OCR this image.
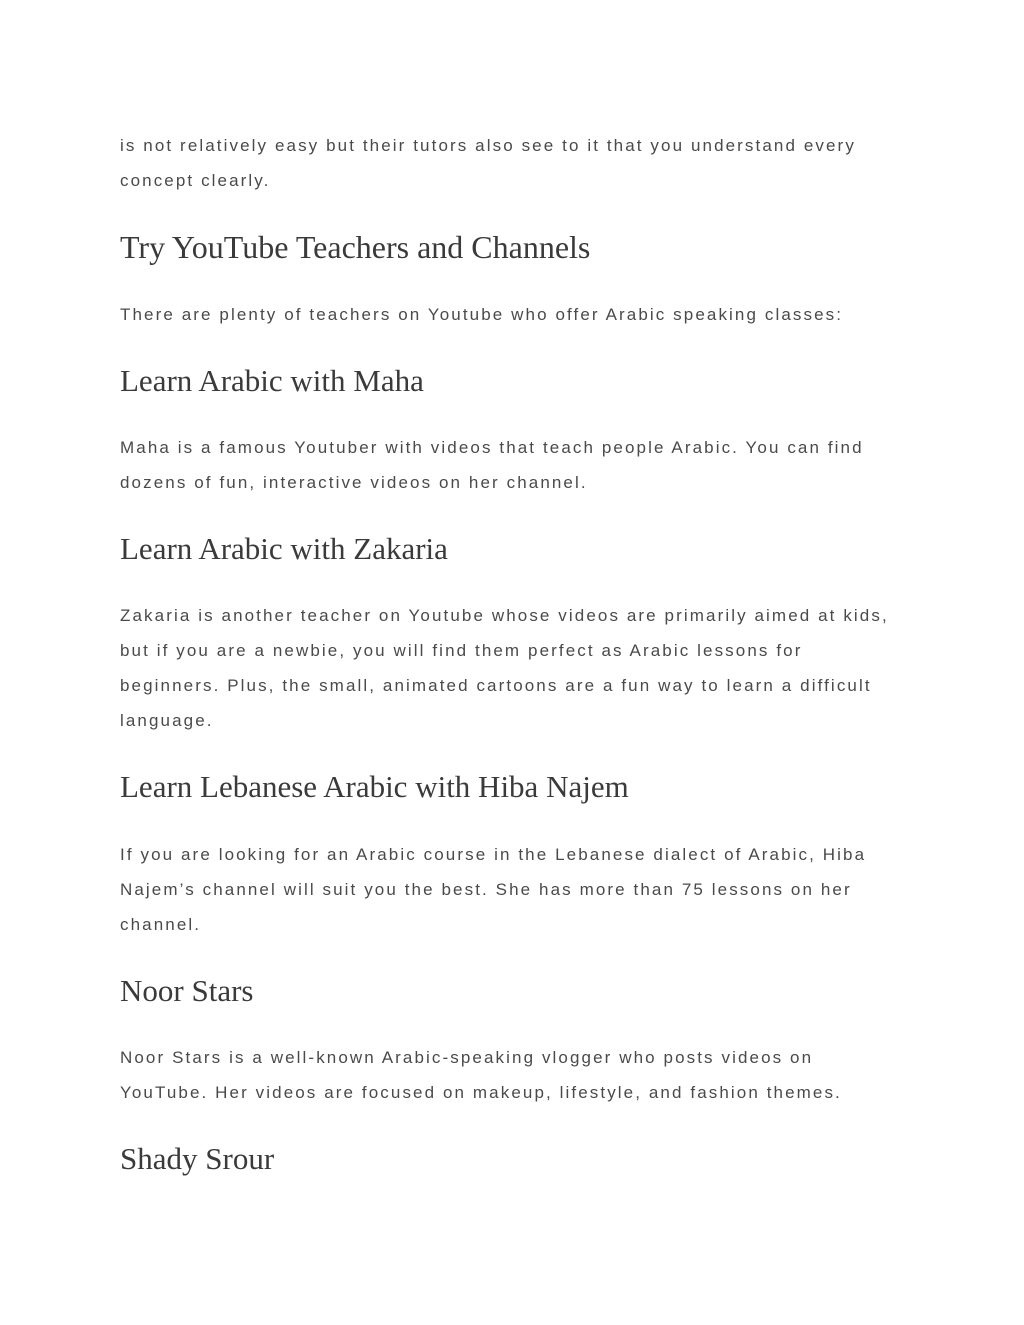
is not relatively easy but their tutors also see to it that you understand every concept clearly.

Try YouTube Teachers and Channels

There are plenty of teachers on Youtube who offer Arabic speaking classes:

Learn Arabic with Maha

Maha is a famous Youtuber with videos that teach people Arabic. You can find dozens of fun, interactive videos on her channel.

Learn Arabic with Zakaria

Zakaria is another teacher on Youtube whose videos are primarily aimed at kids, but if you are a newbie, you will find them perfect as Arabic lessons for beginners. Plus, the small, animated cartoons are a fun way to learn a difficult language.

Learn Lebanese Arabic with Hiba Najem

If you are looking for an Arabic course in the Lebanese dialect of Arabic, Hiba Najem’s channel will suit you the best. She has more than 75 lessons on her channel.

Noor Stars

Noor Stars is a well-known Arabic-speaking vlogger who posts videos on YouTube. Her videos are focused on makeup, lifestyle, and fashion themes.

Shady Srour
